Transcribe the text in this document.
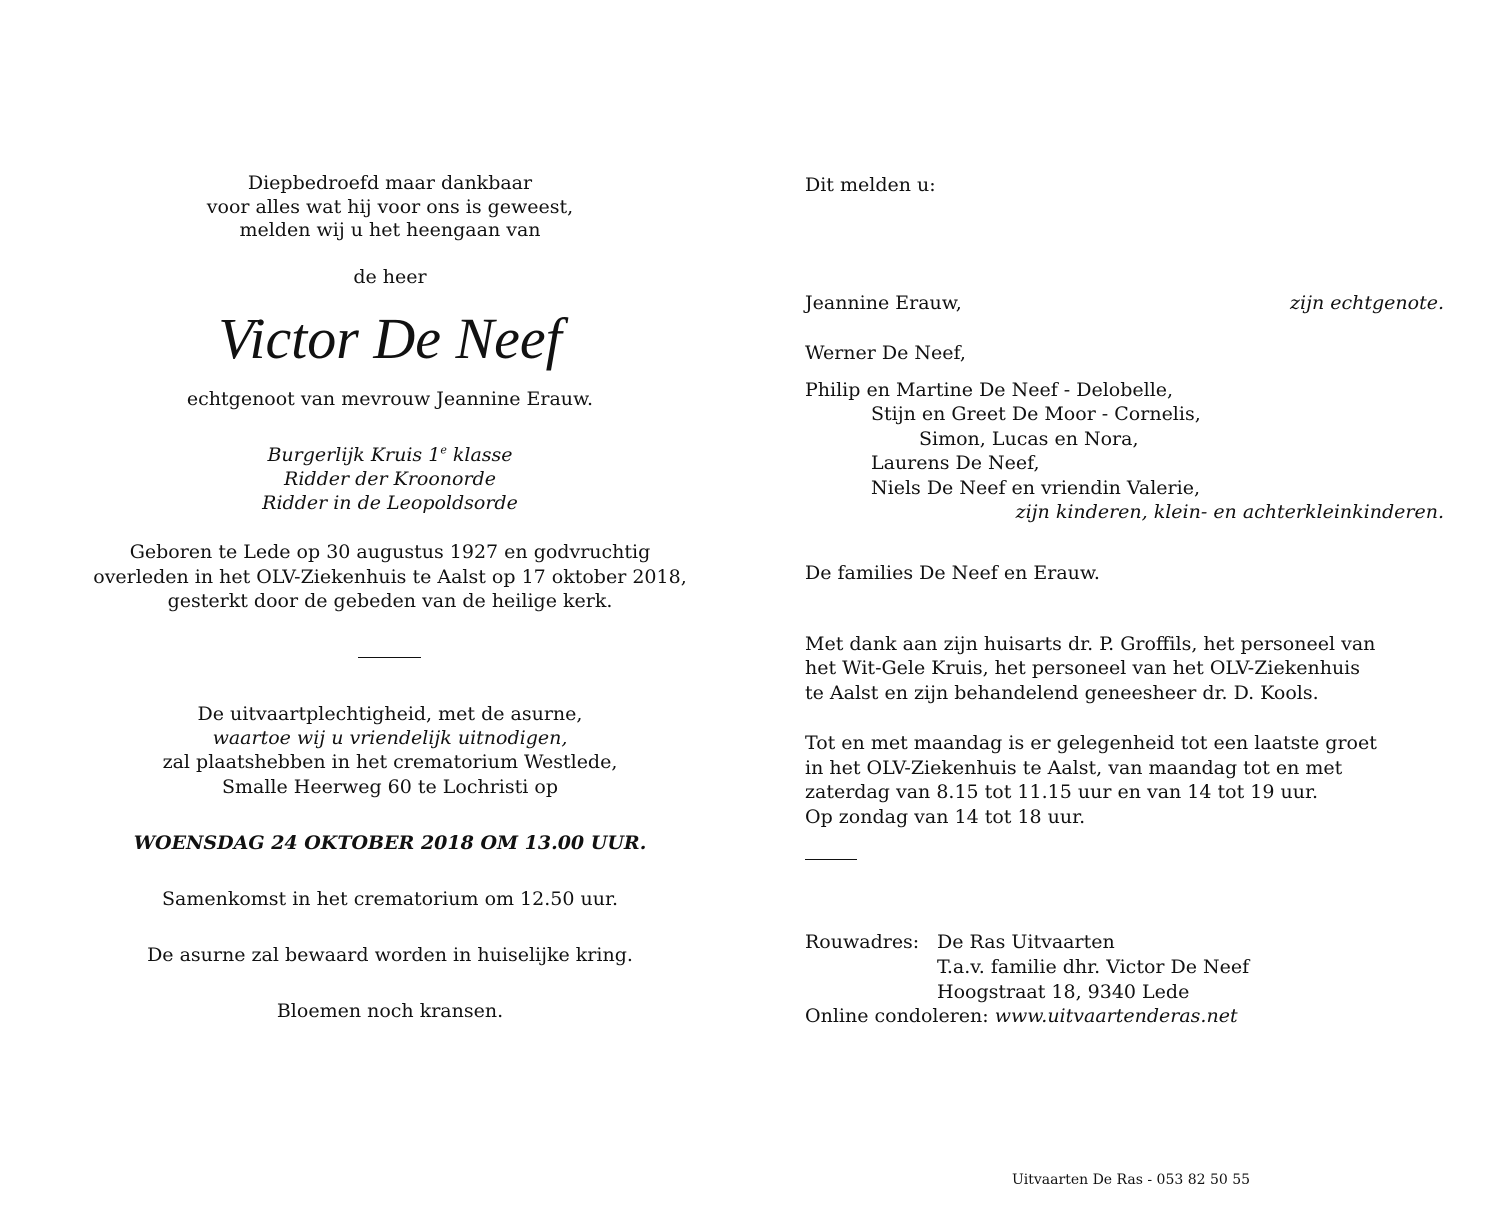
Diepbedroefd maar dankbaar
voor alles wat hij voor ons is geweest,
melden wij u het heengaan van
de heer
Victor De Neef
echtgenoot van mevrouw Jeannine Erauw.
Burgerlijk Kruis 1e klasse
Ridder der Kroonorde
Ridder in de Leopoldsorde
Geboren te Lede op 30 augustus 1927 en godvruchtig
overleden in het OLV-Ziekenhuis te Aalst op 17 oktober 2018,
gesterkt door de gebeden van de heilige kerk.
De uitvaartplechtigheid, met de asurne,
waartoe wij u vriendelijk uitnodigen,
zal plaatshebben in het crematorium Westlede,
Smalle Heerweg 60 te Lochristi op
WOENSDAG 24 OKTOBER 2018 OM 13.00 UUR.
Samenkomst in het crematorium om 12.50 uur.
De asurne zal bewaard worden in huiselijke kring.
Bloemen noch kransen.
Dit melden u:
Jeannine Erauw,	zijn echtgenote.
Werner De Neef,
Philip en Martine De Neef - Delobelle,
Stijn en Greet De Moor - Cornelis,
Simon, Lucas en Nora,
Laurens De Neef,
Niels De Neef en vriendin Valerie,
zijn kinderen, klein- en achterkleinkinderen.
De families De Neef en Erauw.
Met dank aan zijn huisarts dr. P. Groffils, het personeel van
het Wit-Gele Kruis, het personeel van het OLV-Ziekenhuis
te Aalst en zijn behandelend geneesheer dr. D. Kools.
Tot en met maandag is er gelegenheid tot een laatste groet
in het OLV-Ziekenhuis te Aalst, van maandag tot en met
zaterdag van 8.15 tot 11.15 uur en van 14 tot 19 uur.
Op zondag van 14 tot 18 uur.
Rouwadres: De Ras Uitvaarten
T.a.v. familie dhr. Victor De Neef
Hoogstraat 18, 9340 Lede
Online condoleren: www.uitvaartenderas.net
Uitvaarten De Ras - 053 82 50 55
